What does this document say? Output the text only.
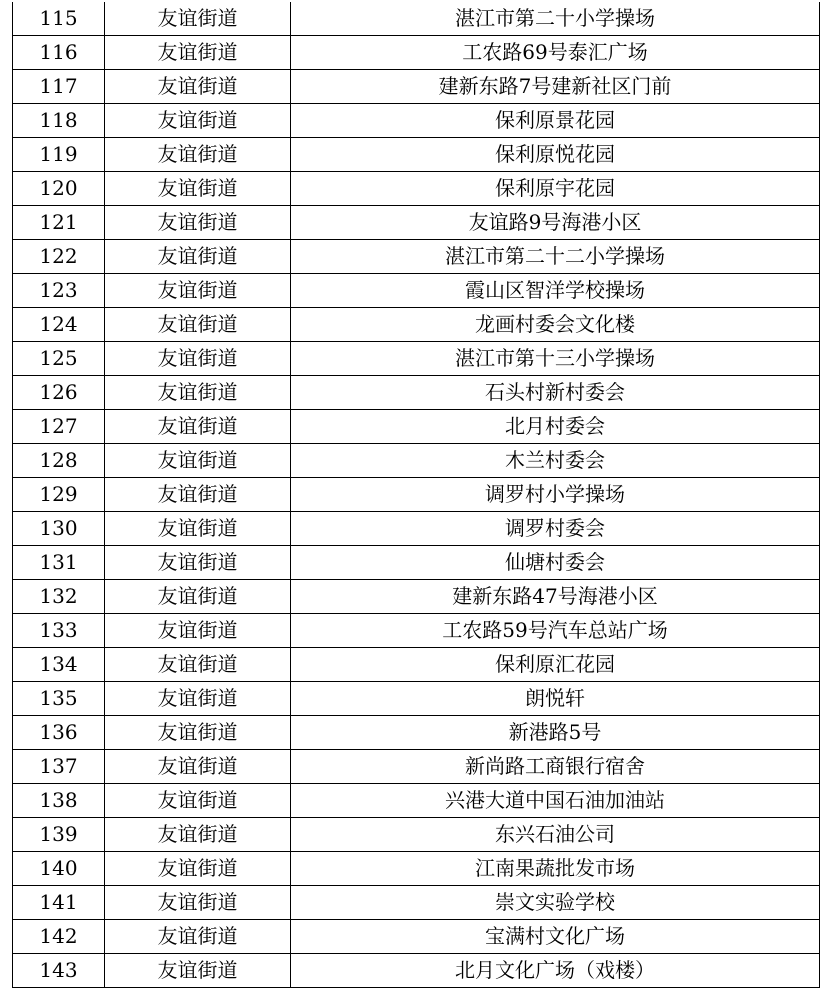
115	友谊街道	湛江市第二十小学操场
116	友谊街道	工农路69号泰汇广场
117	友谊街道	建新东路7号建新社区门前
118	友谊街道	保利原景花园
119	友谊街道	保利原悦花园
120	友谊街道	保利原宇花园
121	友谊街道	友谊路9号海港小区
122	友谊街道	湛江市第二十二小学操场
123	友谊街道	霞山区智洋学校操场
124	友谊街道	龙画村委会文化楼
125	友谊街道	湛江市第十三小学操场
126	友谊街道	石头村新村委会
127	友谊街道	北月村委会
128	友谊街道	木兰村委会
129	友谊街道	调罗村小学操场
130	友谊街道	调罗村委会
131	友谊街道	仙塘村委会
132	友谊街道	建新东路47号海港小区
133	友谊街道	工农路59号汽车总站广场
134	友谊街道	保利原汇花园
135	友谊街道	朗悦轩
136	友谊街道	新港路5号
137	友谊街道	新尚路工商银行宿舍
138	友谊街道	兴港大道中国石油加油站
139	友谊街道	东兴石油公司
140	友谊街道	江南果蔬批发市场
141	友谊街道	崇文实验学校
142	友谊街道	宝满村文化广场
143	友谊街道	北月文化广场（戏楼）
